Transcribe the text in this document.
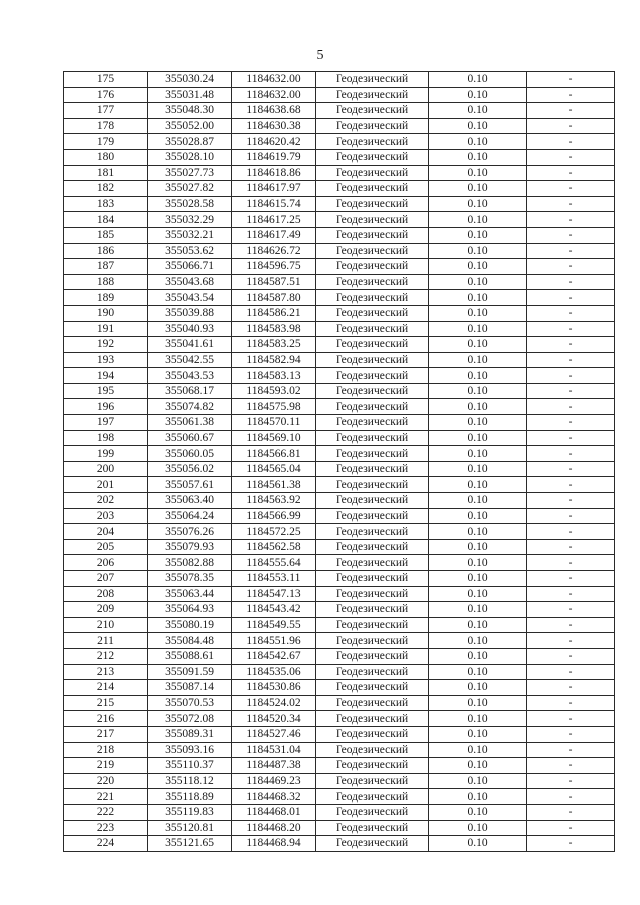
5
175	355030.24	1184632.00	Геодезический	0.10	-
176	355031.48	1184632.00	Геодезический	0.10	-
177	355048.30	1184638.68	Геодезический	0.10	-
178	355052.00	1184630.38	Геодезический	0.10	-
179	355028.87	1184620.42	Геодезический	0.10	-
180	355028.10	1184619.79	Геодезический	0.10	-
181	355027.73	1184618.86	Геодезический	0.10	-
182	355027.82	1184617.97	Геодезический	0.10	-
183	355028.58	1184615.74	Геодезический	0.10	-
184	355032.29	1184617.25	Геодезический	0.10	-
185	355032.21	1184617.49	Геодезический	0.10	-
186	355053.62	1184626.72	Геодезический	0.10	-
187	355066.71	1184596.75	Геодезический	0.10	-
188	355043.68	1184587.51	Геодезический	0.10	-
189	355043.54	1184587.80	Геодезический	0.10	-
190	355039.88	1184586.21	Геодезический	0.10	-
191	355040.93	1184583.98	Геодезический	0.10	-
192	355041.61	1184583.25	Геодезический	0.10	-
193	355042.55	1184582.94	Геодезический	0.10	-
194	355043.53	1184583.13	Геодезический	0.10	-
195	355068.17	1184593.02	Геодезический	0.10	-
196	355074.82	1184575.98	Геодезический	0.10	-
197	355061.38	1184570.11	Геодезический	0.10	-
198	355060.67	1184569.10	Геодезический	0.10	-
199	355060.05	1184566.81	Геодезический	0.10	-
200	355056.02	1184565.04	Геодезический	0.10	-
201	355057.61	1184561.38	Геодезический	0.10	-
202	355063.40	1184563.92	Геодезический	0.10	-
203	355064.24	1184566.99	Геодезический	0.10	-
204	355076.26	1184572.25	Геодезический	0.10	-
205	355079.93	1184562.58	Геодезический	0.10	-
206	355082.88	1184555.64	Геодезический	0.10	-
207	355078.35	1184553.11	Геодезический	0.10	-
208	355063.44	1184547.13	Геодезический	0.10	-
209	355064.93	1184543.42	Геодезический	0.10	-
210	355080.19	1184549.55	Геодезический	0.10	-
211	355084.48	1184551.96	Геодезический	0.10	-
212	355088.61	1184542.67	Геодезический	0.10	-
213	355091.59	1184535.06	Геодезический	0.10	-
214	355087.14	1184530.86	Геодезический	0.10	-
215	355070.53	1184524.02	Геодезический	0.10	-
216	355072.08	1184520.34	Геодезический	0.10	-
217	355089.31	1184527.46	Геодезический	0.10	-
218	355093.16	1184531.04	Геодезический	0.10	-
219	355110.37	1184487.38	Геодезический	0.10	-
220	355118.12	1184469.23	Геодезический	0.10	-
221	355118.89	1184468.32	Геодезический	0.10	-
222	355119.83	1184468.01	Геодезический	0.10	-
223	355120.81	1184468.20	Геодезический	0.10	-
224	355121.65	1184468.94	Геодезический	0.10	-
